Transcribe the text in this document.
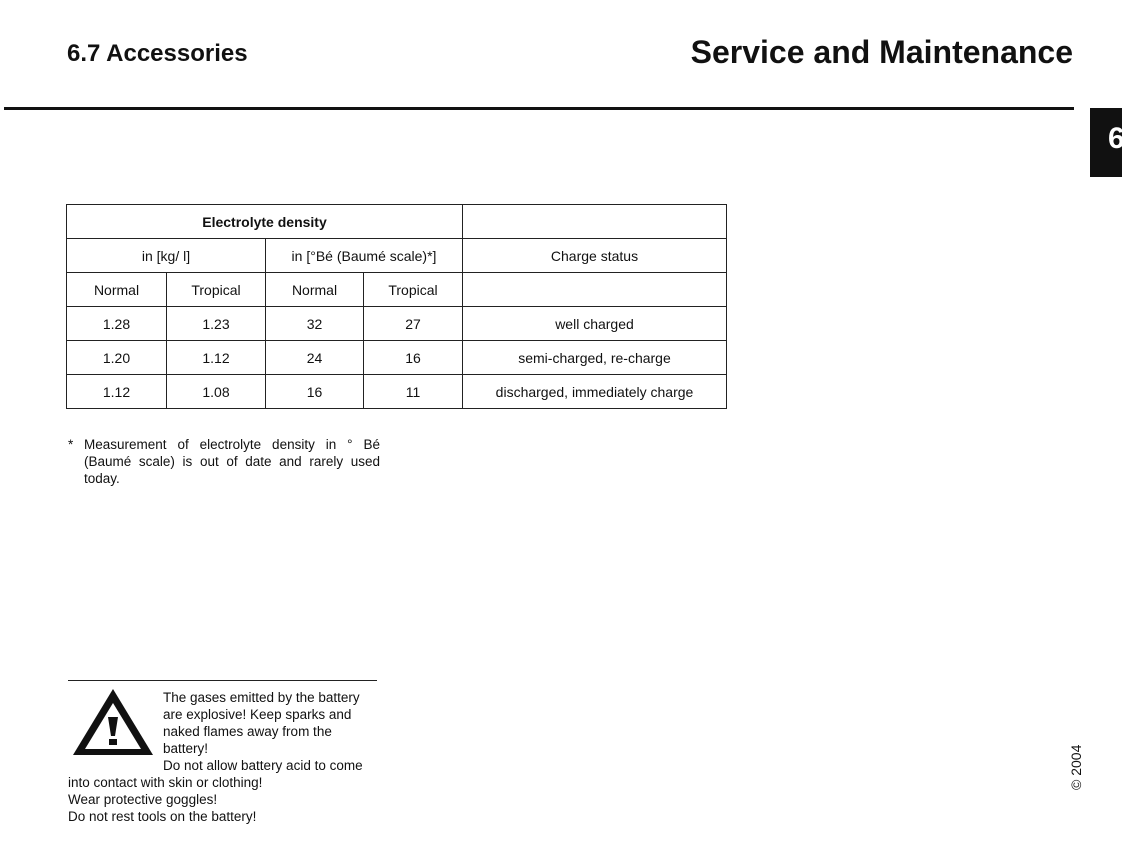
6.7 Accessories	Service and Maintenance
6
Electrolyte density				
in [kg/ l]		in [°Bé (Baumé scale)*]		Charge status
Normal	Tropical	Normal	Tropical	
1.28	1.23	32	27	well charged
1.20	1.12	24	16	semi-charged, re-charge
1.12	1.08	16	11	discharged, immediately charge
* Measurement of electrolyte density in ° Bé (Baumé scale) is out of date and rarely used today.
The gases emitted by the battery
are explosive! Keep sparks and
naked flames away from the
battery!
Do not allow battery acid to come
into contact with skin or clothing!
Wear protective goggles!
Do not rest tools on the battery!
© 2004
